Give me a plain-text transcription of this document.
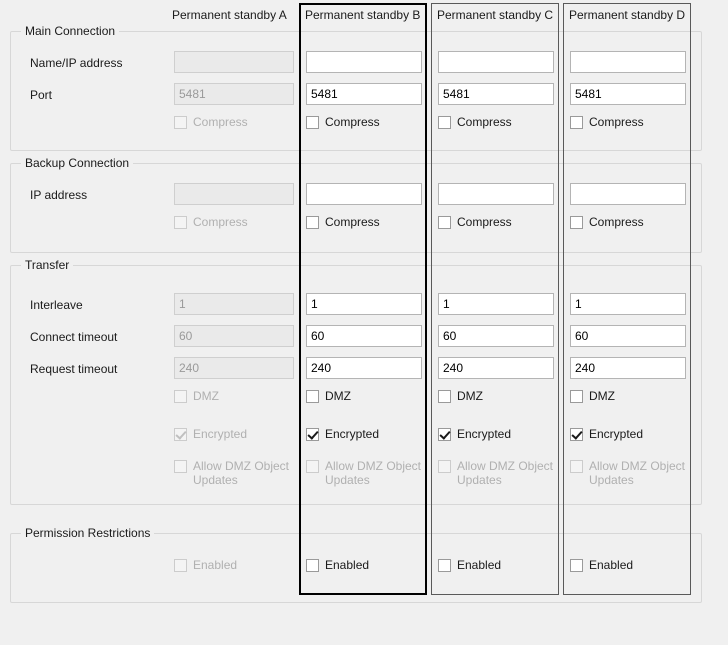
Permanent standby A Permanent standby B Permanent standby C Permanent standby D
Main Connection
Backup Connection
Transfer
Permission Restrictions
Name/IP address
Port
IP address
Interleave
Connect timeout
Request timeout
5481
Compress
Compress
1
60
240
DMZ
Encrypted
Allow DMZ Object Updates
Enabled
5481
Compress
Compress
1
60
240
DMZ
Encrypted
Allow DMZ Object Updates
Enabled
5481
Compress
Compress
1
60
240
DMZ
Encrypted
Allow DMZ Object Updates
Enabled
5481
Compress
Compress
1
60
240
DMZ
Encrypted
Allow DMZ Object Updates
Enabled
